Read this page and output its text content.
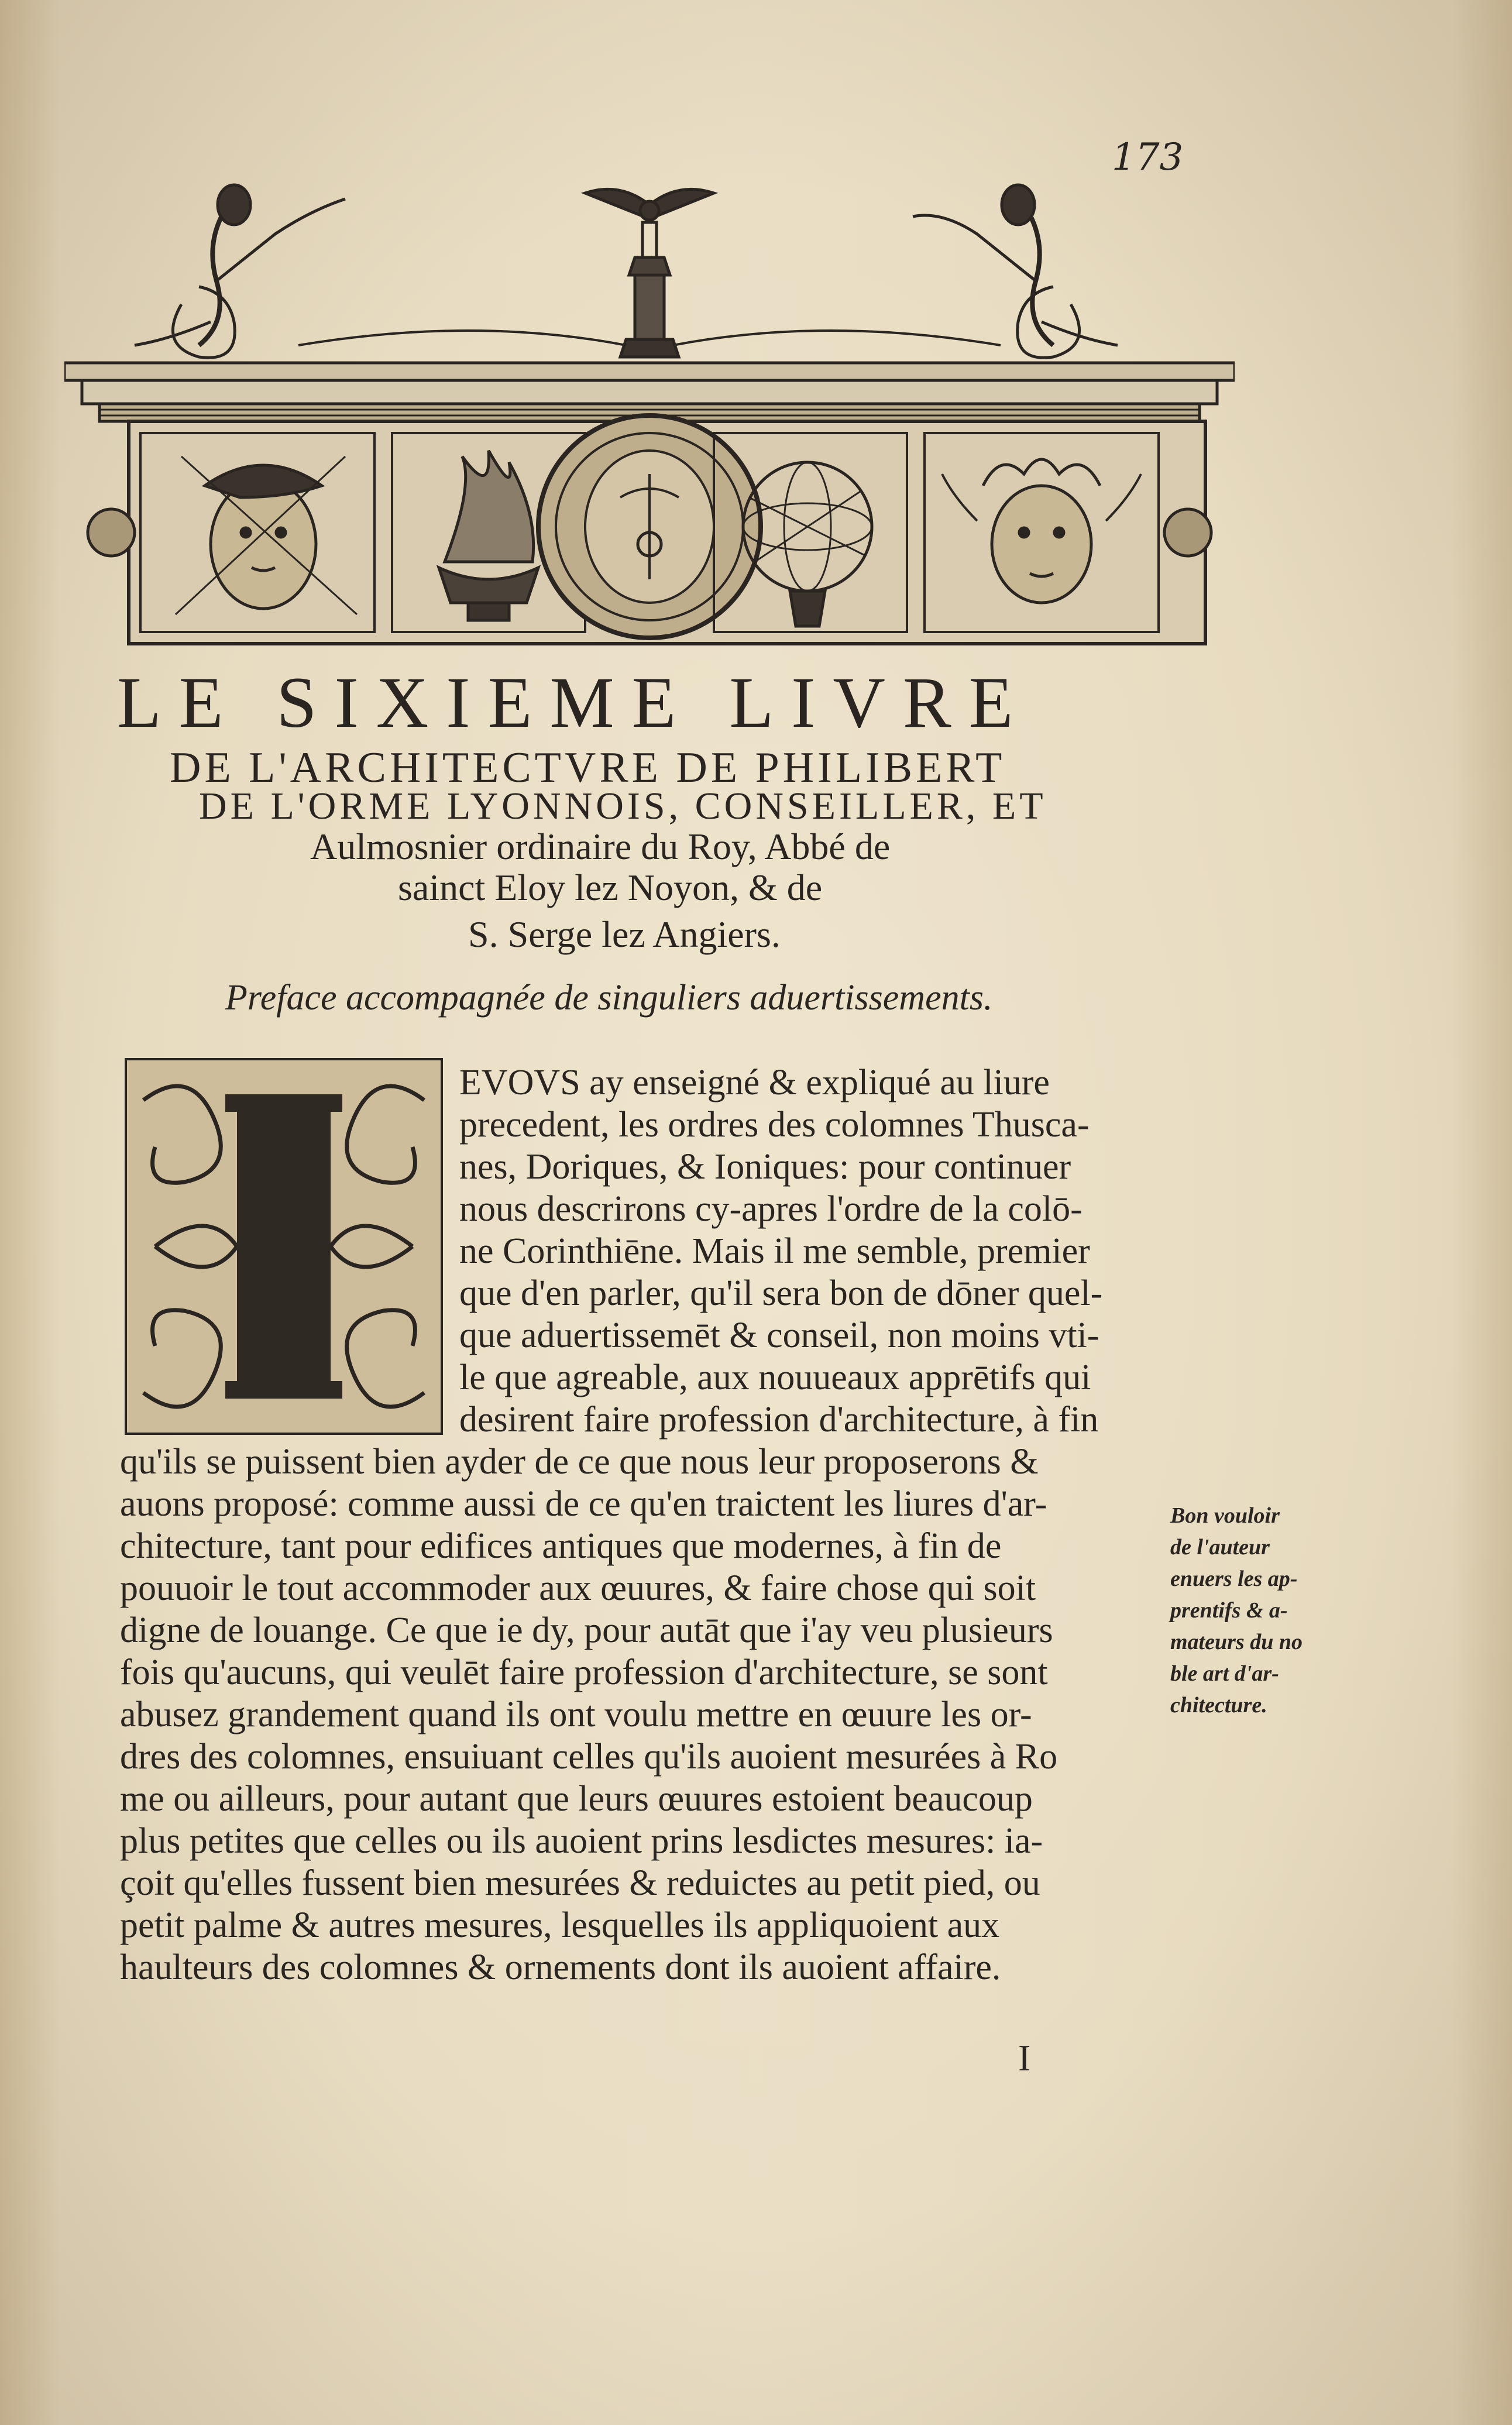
173
LE SIXIEME LIVRE
DE L'ARCHITECTVRE DE PHILIBERT
DE L'ORME LYONNOIS, CONSEILLER, ET
Aulmosnier ordinaire du Roy, Abbé de
sainct Eloy lez Noyon, & de
S. Serge lez Angiers.
Preface accompagnée de singuliers aduertissements.
EVOVS ay enseigné & expliqué au liure
precedent, les ordres des colomnes Thusca-
nes, Doriques, & Ioniques: pour continuer
nous descrirons cy-apres l'ordre de la colō-
ne Corinthiēne. Mais il me semble, premier
que d'en parler, qu'il sera bon de dōner quel-
que aduertissemēt & conseil, non moins vti-
le que agreable, aux nouueaux apprētifs qui
desirent faire profession d'architecture, à fin
qu'ils se puissent bien ayder de ce que nous leur proposerons &
auons proposé: comme aussi de ce qu'en traictent les liures d'ar-
chitecture, tant pour edifices antiques que modernes, à fin de
pouuoir le tout accommoder aux œuures, & faire chose qui soit
digne de louange. Ce que ie dy, pour autāt que i'ay veu plusieurs
fois qu'aucuns, qui veulēt faire profession d'architecture, se sont
abusez grandement quand ils ont voulu mettre en œuure les or-
dres des colomnes, ensuiuant celles qu'ils auoient mesurées à Ro
me ou ailleurs, pour autant que leurs œuures estoient beaucoup
plus petites que celles ou ils auoient prins lesdictes mesures: ia-
çoit qu'elles fussent bien mesurées & reduictes au petit pied, ou
petit palme & autres mesures, lesquelles ils appliquoient aux
haulteurs des colomnes & ornements dont ils auoient affaire.
Bon vouloir
de l'auteur
enuers les ap-
prentifs & a-
mateurs du no
ble art d'ar-
chitecture.
I
